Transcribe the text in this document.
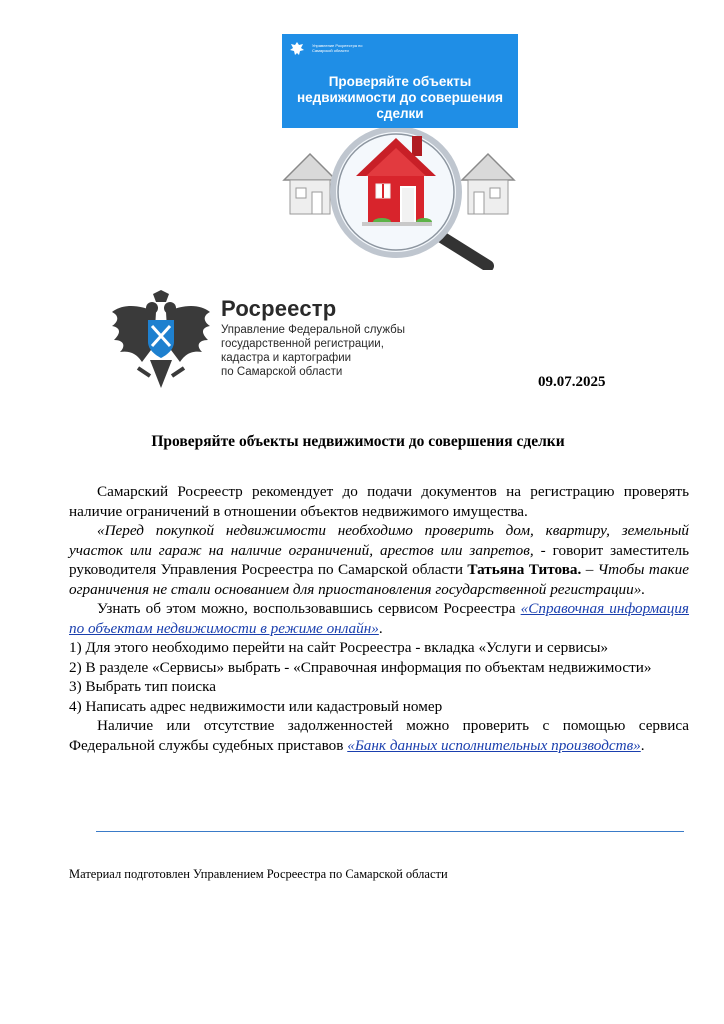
Управление Росреестра по Самарской области
Проверяйте объекты
недвижимости до совершения
сделки
Росреестр
Управление Федеральной службы
государственной регистрации,
кадастра и картографии
по Самарской области
09.07.2025
Проверяйте объекты недвижимости до совершения сделки

Самарский Росреестр рекомендует до подачи документов на регистрацию проверять наличие ограничений в отношении объектов недвижимого имущества.

«Перед покупкой недвижимости необходимо проверить дом, квартиру, земельный участок или гараж на наличие ограничений, арестов или запретов, - говорит заместитель руководителя Управления Росреестра по Самарской области Татьяна Титова. – Чтобы такие ограничения не стали основанием для приостановления государственной регистрации».

Узнать об этом можно, воспользовавшись сервисом Росреестра «Справочная информация по объектам недвижимости в режиме онлайн».

1) Для этого необходимо перейти на сайт Росреестра - вкладка «Услуги и сервисы»

2) В разделе «Сервисы» выбрать - «Справочная информация по объектам недвижимости»

3) Выбрать тип поиска

4) Написать адрес недвижимости или кадастровый номер

Наличие или отсутствие задолженностей можно проверить с помощью сервиса Федеральной службы судебных приставов «Банк данных исполнительных производств».

Материал подготовлен Управлением Росреестра по Самарской области
